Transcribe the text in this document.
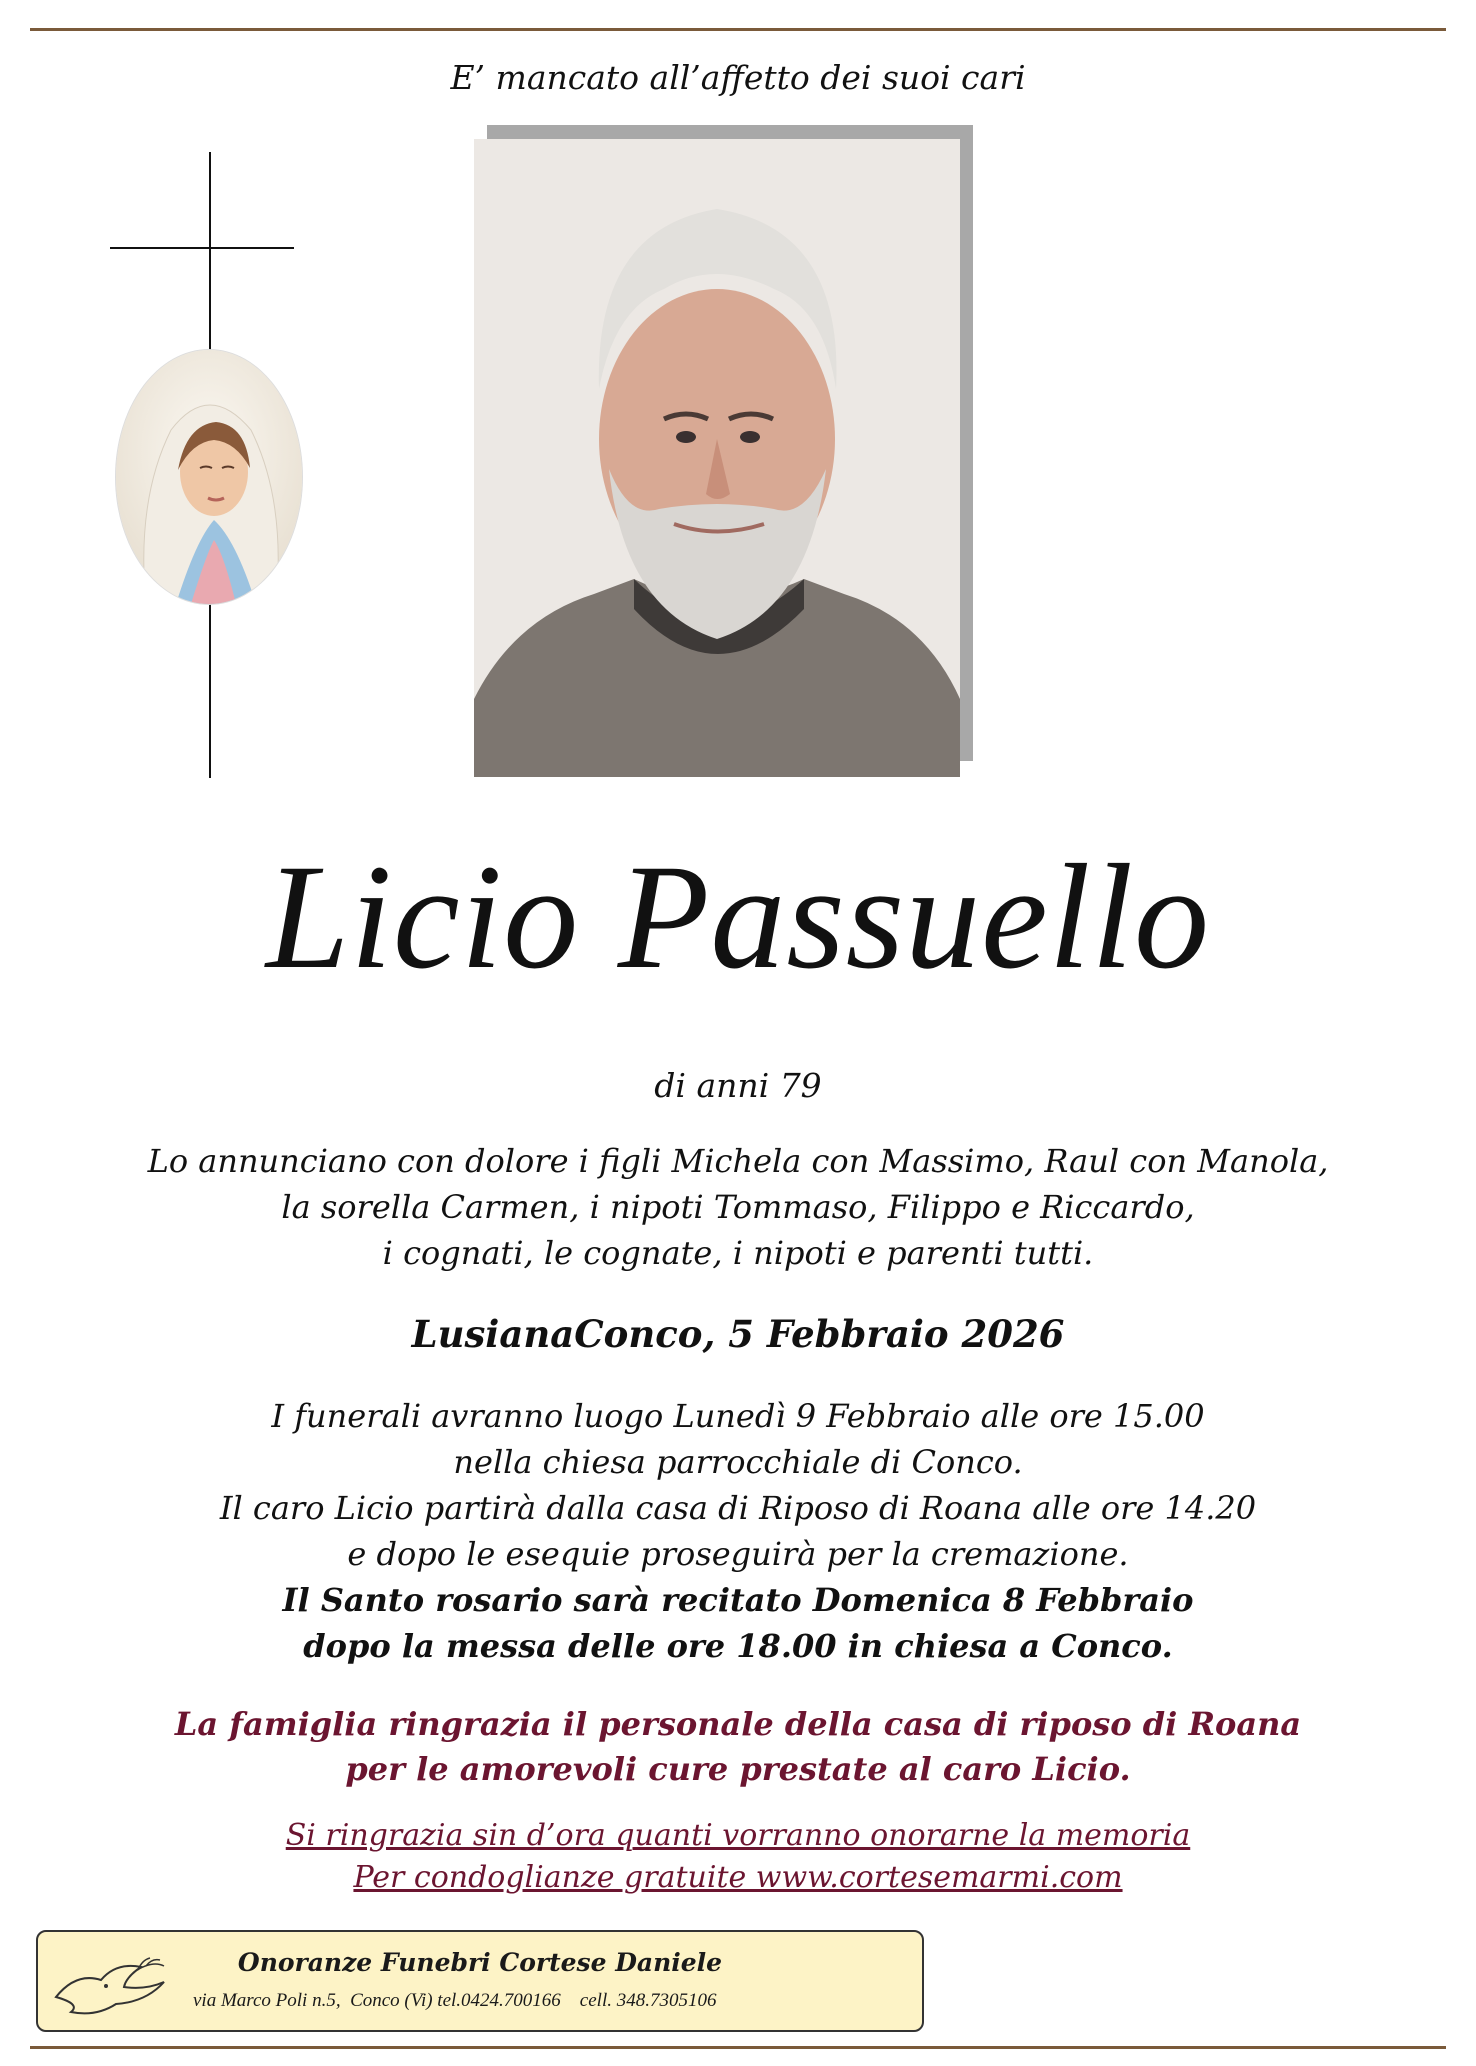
E’ mancato all’affetto dei suoi cari
Licio Passuello
di anni 79
Lo annunciano con dolore i figli Michela con Massimo, Raul con Manola,
la sorella Carmen, i nipoti Tommaso, Filippo e Riccardo,
i cognati, le cognate, i nipoti e parenti tutti.
LusianaConco, 5 Febbraio 2026
I funerali avranno luogo Lunedì 9 Febbraio alle ore 15.00
nella chiesa parrocchiale di Conco.
Il caro Licio partirà dalla casa di Riposo di Roana alle ore 14.20
e dopo le esequie proseguirà per la cremazione.
Il Santo rosario sarà recitato Domenica 8 Febbraio
dopo la messa delle ore 18.00 in chiesa a Conco.
La famiglia ringrazia il personale della casa di riposo di Roana
per le amorevoli cure prestate al caro Licio.
Si ringrazia sin d’ora quanti vorranno onorarne la memoria
Per condoglianze gratuite www.cortesemarmi.com
Onoranze Funebri Cortese Daniele
via Marco Poli n.5,  Conco (Vi) tel.0424.700166    cell. 348.7305106
